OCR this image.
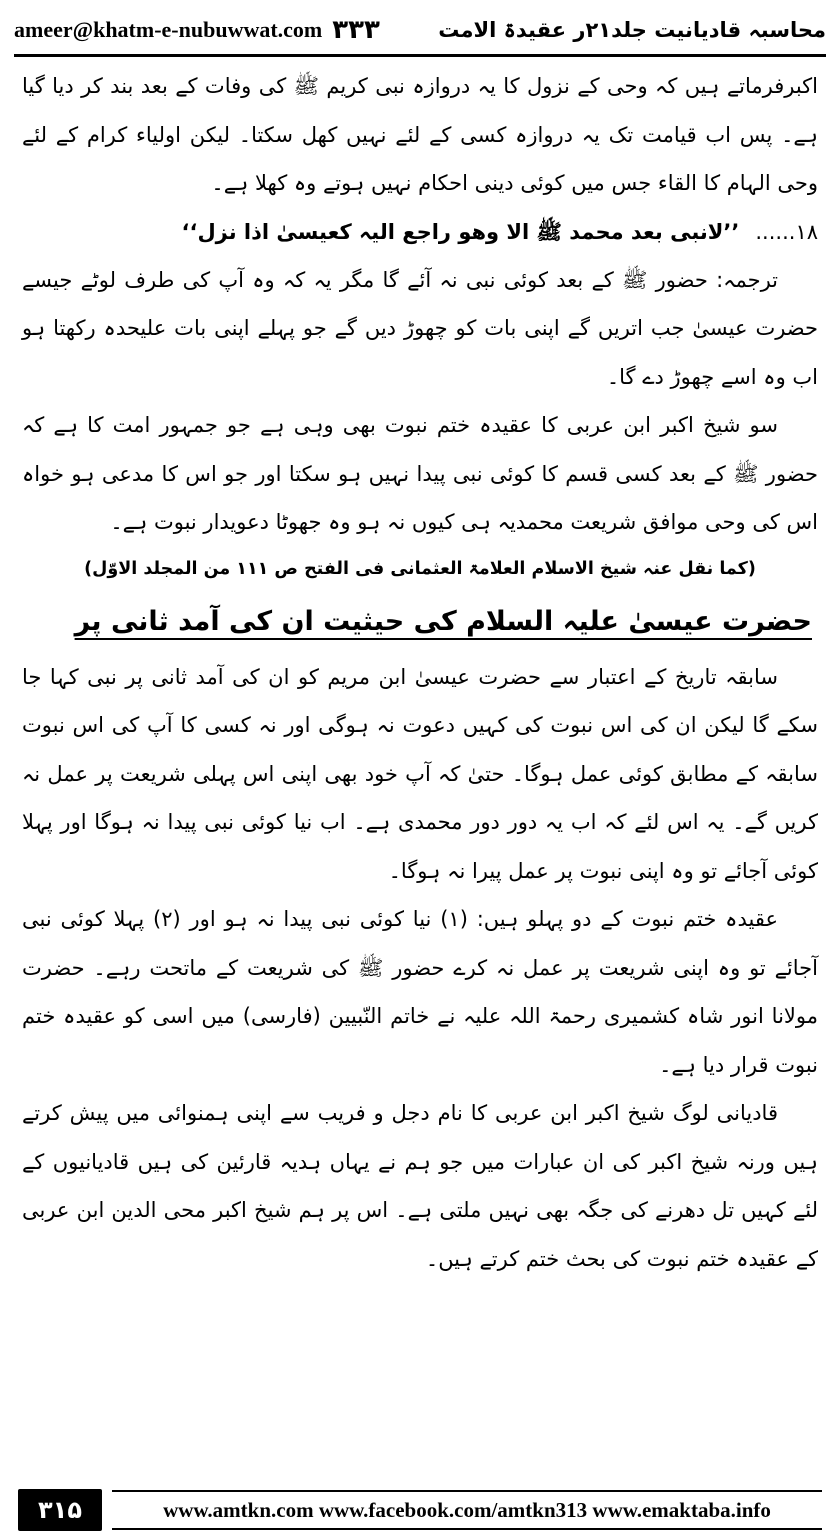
ameer@khatm-e-nubuwwat.com ۳۳۳	محاسبہ قادیانیت جلد۲۱ر عقیدۃ الامت

اکبرفرماتے ہیں کہ وحی کے نزول کا یہ دروازہ نبی کریم ﷺ کی وفات کے بعد بند کر دیا گیا ہے۔ پس اب قیامت تک یہ دروازہ کسی کے لئے نہیں کھل سکتا۔ لیکن اولیاء کرام کے لئے وحی الہام کا القاء جس میں کوئی دینی احکام نہیں ہوتے وہ کھلا ہے۔

۱۸......
’’لانبی بعد محمد ﷺ الا وھو راجع الیہ کعیسیٰ اذا نزل‘‘

ترجمہ: حضور ﷺ کے بعد کوئی نبی نہ آئے گا مگر یہ کہ وہ آپ کی طرف لوٹے جیسے حضرت عیسیٰ جب اتریں گے اپنی بات کو چھوڑ دیں گے جو پہلے اپنی بات علیحدہ رکھتا ہو اب وہ اسے چھوڑ دے گا۔

سو شیخ اکبر ابن عربی کا عقیدہ ختم نبوت بھی وہی ہے جو جمہور امت کا ہے کہ حضور ﷺ کے بعد کسی قسم کا کوئی نبی پیدا نہیں ہو سکتا اور جو اس کا مدعی ہو خواہ اس کی وحی موافق شریعت محمدیہ ہی کیوں نہ ہو وہ جھوٹا دعویدار نبوت ہے۔

(کما نقل عنہ شیخ الاسلام العلامۃ العثمانی فی الفتح ص ۱۱۱ من المجلد الاوّل)
حضرت عیسیٰ علیہ السلام کی حیثیت ان کی آمد ثانی پر

سابقہ تاریخ کے اعتبار سے حضرت عیسیٰ ابن مریم کو ان کی آمد ثانی پر نبی کہا جا سکے گا لیکن ان کی اس نبوت کی کہیں دعوت نہ ہوگی اور نہ کسی کا آپ کی اس نبوت سابقہ کے مطابق کوئی عمل ہوگا۔ حتیٰ کہ آپ خود بھی اپنی اس پہلی شریعت پر عمل نہ کریں گے۔ یہ اس لئے کہ اب یہ دور دور محمدی ہے۔ اب نیا کوئی نبی پیدا نہ ہوگا اور پہلا کوئی آجائے تو وہ اپنی نبوت پر عمل پیرا نہ ہوگا۔

عقیدہ ختم نبوت کے دو پہلو ہیں: (۱) نیا کوئی نبی پیدا نہ ہو اور (۲) پہلا کوئی نبی آجائے تو وہ اپنی شریعت پر عمل نہ کرے حضور ﷺ کی شریعت کے ماتحت رہے۔ حضرت مولانا انور شاہ کشمیری رحمۃ اللہ علیہ نے خاتم النّبیین (فارسی) میں اسی کو عقیدہ ختم نبوت قرار دیا ہے۔

قادیانی لوگ شیخ اکبر ابن عربی کا نام دجل و فریب سے اپنی ہمنوائی میں پیش کرتے ہیں ورنہ شیخ اکبر کی ان عبارات میں جو ہم نے یہاں ہدیہ قارئین کی ہیں قادیانیوں کے لئے کہیں تل دھرنے کی جگہ بھی نہیں ملتی ہے۔ اس پر ہم شیخ اکبر محی الدین ابن عربی کے عقیدہ ختم نبوت کی بحث ختم کرتے ہیں۔

۳۱۵	www.amtkn.com www.facebook.com/amtkn313 www.emaktaba.info
